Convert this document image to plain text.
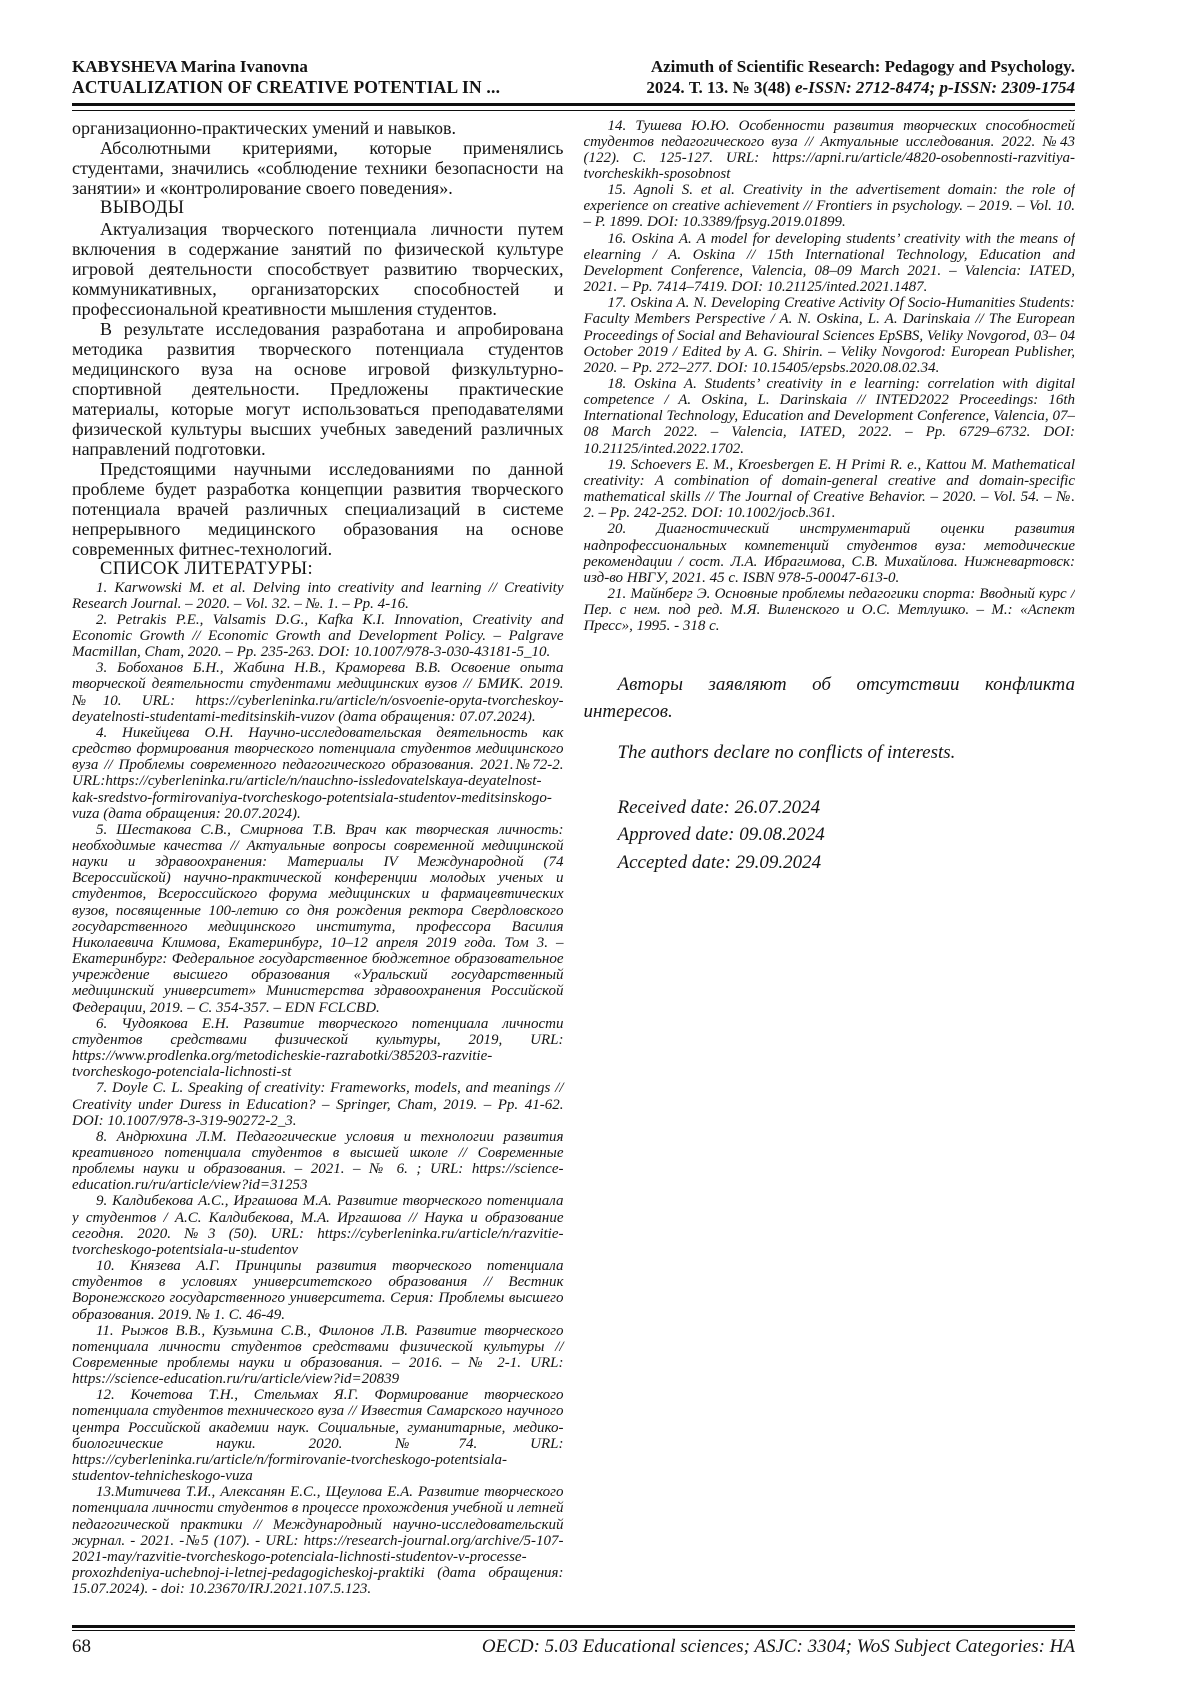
KABYSHEVA Marina Ivanovna
ACTUALIZATION OF CREATIVE POTENTIAL IN ...
Azimuth of Scientific Research: Pedagogy and Psychology.
2024. Т. 13. № 3(48) e-ISSN: 2712-8474; p-ISSN: 2309-1754

организационно-практических умений и навыков.

Абсолютными критериями, которые применялись студентами, значились «соблюдение техники безопасности на занятии» и «контролирование своего поведения».

ВЫВОДЫ

Актуализация творческого потенциала личности путем включения в содержание занятий по физической культуре игровой деятельности способствует развитию творческих, коммуникативных, организаторских способностей и профессиональной креативности мышления студентов.

В результате исследования разработана и апробирована методика развития творческого потенциала студентов медицинского вуза на основе игровой физкультурно-спортивной деятельности. Предложены практические материалы, которые могут использоваться преподавателями физической культуры высших учебных заведений различных направлений подготовки.

Предстоящими научными исследованиями по данной проблеме будет разработка концепции развития творческого потенциала врачей различных специализаций в системе непрерывного медицинского образования на основе современных фитнес-технологий.

СПИСОК ЛИТЕРАТУРЫ:

1. Karwowski M. et al. Delving into creativity and learning // Creativity Research Journal. – 2020. – Vol. 32. – №. 1. – Pp. 4-16.

2. Petrakis P.E., Valsamis D.G., Kafka K.I. Innovation, Creativity and Economic Growth // Economic Growth and Development Policy. – Palgrave Macmillan, Cham, 2020. – Pp. 235-263. DOI: 10.1007/978-3-030-43181-5_10.

3. Бобоханов Б.Н., Жабина Н.В., Краморева В.В. Освоение опыта творческой деятельности студентами медицинских вузов // БМИК. 2019. №10. URL: https://cyberleninka.ru/article/n/osvoenie-opyta-tvorcheskoy-deyatelnosti-studentami-meditsinskih-vuzov (дата обращения: 07.07.2024).

4. Никейцева О.Н. Научно-исследовательская деятельность как средство формирования творческого потенциала студентов медицинского вуза // Проблемы современного педагогического образования. 2021.№72-2. URL:https://cyberleninka.ru/article/n/nauchno-issledovatelskaya-deyatelnost-kak-sredstvo-formirovaniya-tvorcheskogo-potentsiala-studentov-meditsinskogo-vuza (дата обращения: 20.07.2024).

5. Шестакова С.В., Смирнова Т.В. Врач как творческая личность: необходимые качества // Актуальные вопросы современной медицинской науки и здравоохранения: Материалы IV Международной (74 Всероссийской) научно-практической конференции молодых ученых и студентов, Всероссийского форума медицинских и фармацевтических вузов, посвященные 100-летию со дня рождения ректора Свердловского государственного медицинского института, профессора Василия Николаевича Климова, Екатеринбург, 10–12 апреля 2019 года. Том 3. – Екатеринбург: Федеральное государственное бюджетное образовательное учреждение высшего образования «Уральский государственный медицинский университет» Министерства здравоохранения Российской Федерации, 2019. – С. 354-357. – EDN FCLCBD.

6. Чудоякова Е.Н. Развитие творческого потенциала личности студентов средствами физической культуры, 2019, URL: https://www.prodlenka.org/metodicheskie-razrabotki/385203-razvitie-tvorcheskogo-potenciala-lichnosti-st

7. Doyle C. L. Speaking of creativity: Frameworks, models, and meanings // Creativity under Duress in Education? – Springer, Cham, 2019. – Pp. 41-62. DOI: 10.1007/978-3-319-90272-2_3.

8. Андрюхина Л.М. Педагогические условия и технологии развития креативного потенциала студентов в высшей школе // Современные проблемы науки и образования. – 2021. – № 6. ; URL: https://science-education.ru/ru/article/view?id=31253

9. Калдибекова А.С., Иргашова М.А. Развитие творческого потенциала у студентов / А.С. Калдибекова, М.А. Иргашова // Наука и образование сегодня. 2020. №3 (50). URL: https://cyberleninka.ru/article/n/razvitie-tvorcheskogo-potentsiala-u-studentov

10. Князева А.Г. Принципы развития творческого потенциала студентов в условиях университетского образования // Вестник Воронежского государственного университета. Серия: Проблемы высшего образования. 2019. № 1. С. 46-49.

11. Рыжов В.В., Кузьмина С.В., Филонов Л.В. Развитие творческого потенциала личности студентов средствами физической культуры // Современные проблемы науки и образования. – 2016. – № 2-1. URL: https://science-education.ru/ru/article/view?id=20839

12. Кочетова Т.Н., Стельмах Я.Г. Формирование творческого потенциала студентов технического вуза // Известия Самарского научного центра Российской академии наук. Социальные, гуманитарные, медико-биологические науки. 2020. №74. URL: https://cyberleninka.ru/article/n/formirovanie-tvorcheskogo-potentsiala-studentov-tehnicheskogo-vuza

13.Митичева Т.И., Алексанян Е.С., Щеулова Е.А. Развитие творческого потенциала личности студентов в процессе прохождения учебной и летней педагогической практики // Международный научно-исследовательский журнал. - 2021. -№5 (107). - URL: https://research-journal.org/archive/5-107-2021-may/razvitie-tvorcheskogo-potenciala-lichnosti-studentov-v-processe-proxozhdeniya-uchebnoj-i-letnej-pedagogicheskoj-praktiki (дата обращения: 15.07.2024). - doi: 10.23670/IRJ.2021.107.5.123.

14. Тушева Ю.Ю. Особенности развития творческих способностей студентов педагогического вуза // Актуальные исследования. 2022. №43 (122). С. 125-127. URL: https://apni.ru/article/4820-osobennosti-razvitiya-tvorcheskikh-sposobnost

15. Agnoli S. et al. Creativity in the advertisement domain: the role of experience on creative achievement // Frontiers in psychology. – 2019. – Vol. 10. – P. 1899. DOI: 10.3389/fpsyg.2019.01899.

16. Oskina A. A model for developing students’ creativity with the means of elearning / A. Oskina // 15th International Technology, Education and Development Conference, Valencia, 08–09 March 2021. – Valencia: IATED, 2021. – Pp. 7414–7419. DOI: 10.21125/inted.2021.1487.

17. Oskina A. N. Developing Creative Activity Of Socio-Humanities Students: Faculty Members Perspective / A. N. Oskina, L. A. Darinskaia // The European Proceedings of Social and Behavioural Sciences EpSBS, Veliky Novgorod, 03– 04 October 2019 / Edited by A. G. Shirin. – Veliky Novgorod: European Publisher, 2020. – Pp. 272–277. DOI: 10.15405/epsbs.2020.08.02.34.

18. Oskina A. Students’ creativity in e learning: correlation with digital competence / A. Oskina, L. Darinskaia // INTED2022 Proceedings: 16th International Technology, Education and Development Conference, Valencia, 07–08 March 2022. – Valencia, IATED, 2022. – Pp. 6729–6732. DOI: 10.21125/inted.2022.1702.

19. Schoevers E. M., Kroesbergen E. H Primi R. e., Kattou M. Mathematical creativity: A combination of domain-general creative and domain-specific mathematical skills // The Journal of Creative Behavior. – 2020. – Vol. 54. – №. 2. – Pp. 242-252. DOI: 10.1002/jocb.361.

20. Диагностический инструментарий оценки развития надпрофессиональных компетенций студентов вуза: методические рекомендации / сост. Л.А. Ибрагимова, С.В. Михайлова. Нижневартовск: изд-во НВГУ, 2021. 45 с. ISBN 978-5-00047-613-0.

21. Майнберг Э. Основные проблемы педагогики спорта: Вводный курс / Пер. с нем. под ред. М.Я. Виленского и О.С. Метлушко. – М.: «Аспект Пресс», 1995. - 318 с.

Авторы заявляют об отсутствии конфликта интересов.

The authors declare no conflicts of interests.

Received date: 26.07.2024

Approved date: 09.08.2024

Accepted date: 29.09.2024

68	OECD: 5.03 Educational sciences; ASJC: 3304; WoS Subject Categories: HA
